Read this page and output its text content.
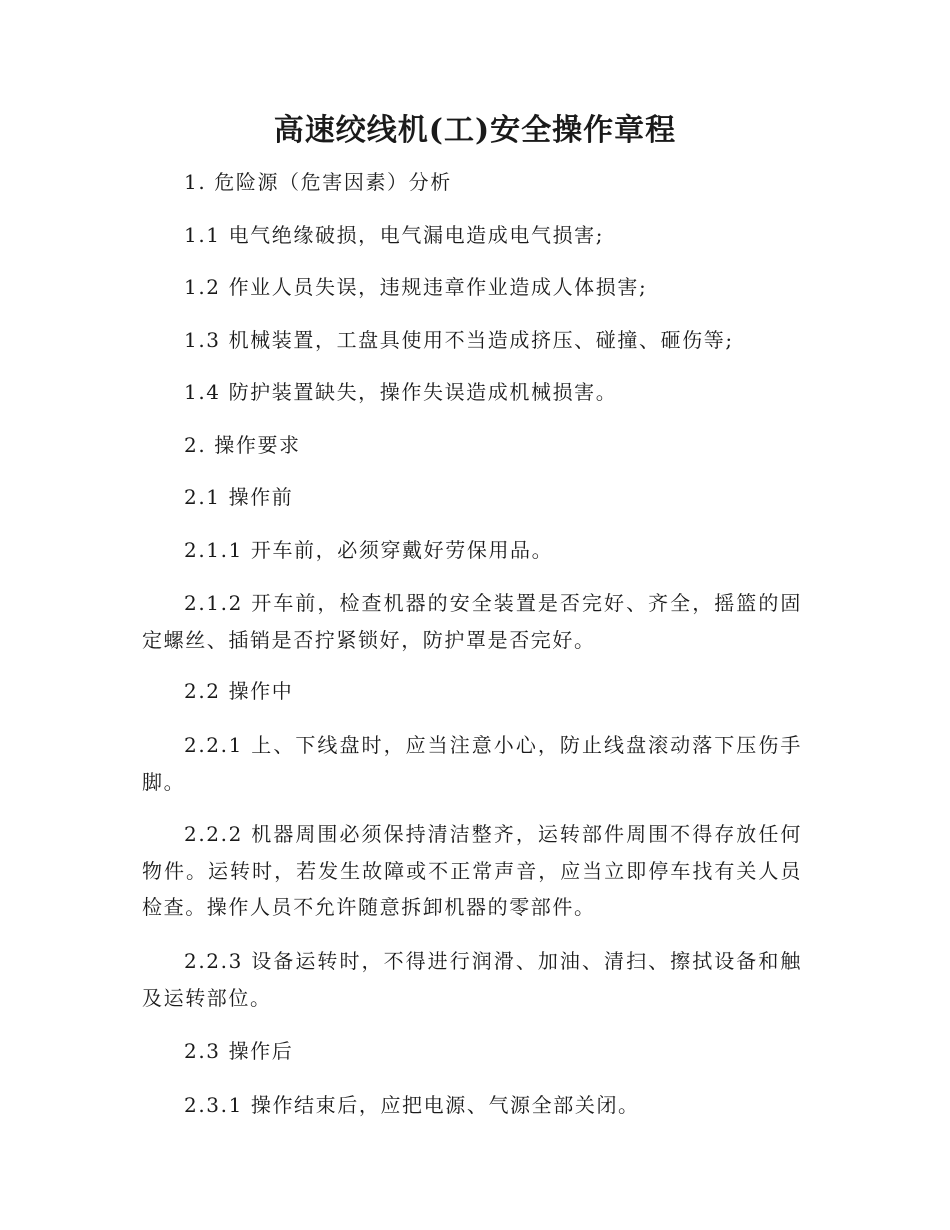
高速绞线机(工)安全操作章程
1. 危险源（危害因素）分析
1.1 电气绝缘破损，电气漏电造成电气损害;
1.2 作业人员失误，违规违章作业造成人体损害;
1.3 机械装置，工盘具使用不当造成挤压、碰撞、砸伤等;
1.4 防护装置缺失，操作失误造成机械损害。
2. 操作要求
2.1 操作前
2.1.1 开车前，必须穿戴好劳保用品。
2.1.2 开车前，检查机器的安全装置是否完好、齐全，摇篮的固定螺丝、插销是否拧紧锁好，防护罩是否完好。
2.2 操作中
2.2.1 上、下线盘时，应当注意小心，防止线盘滚动落下压伤手脚。
2.2.2 机器周围必须保持清洁整齐，运转部件周围不得存放任何物件。运转时，若发生故障或不正常声音，应当立即停车找有关人员检查。操作人员不允许随意拆卸机器的零部件。
2.2.3 设备运转时，不得进行润滑、加油、清扫、擦拭设备和触及运转部位。
2.3 操作后
2.3.1 操作结束后，应把电源、气源全部关闭。
